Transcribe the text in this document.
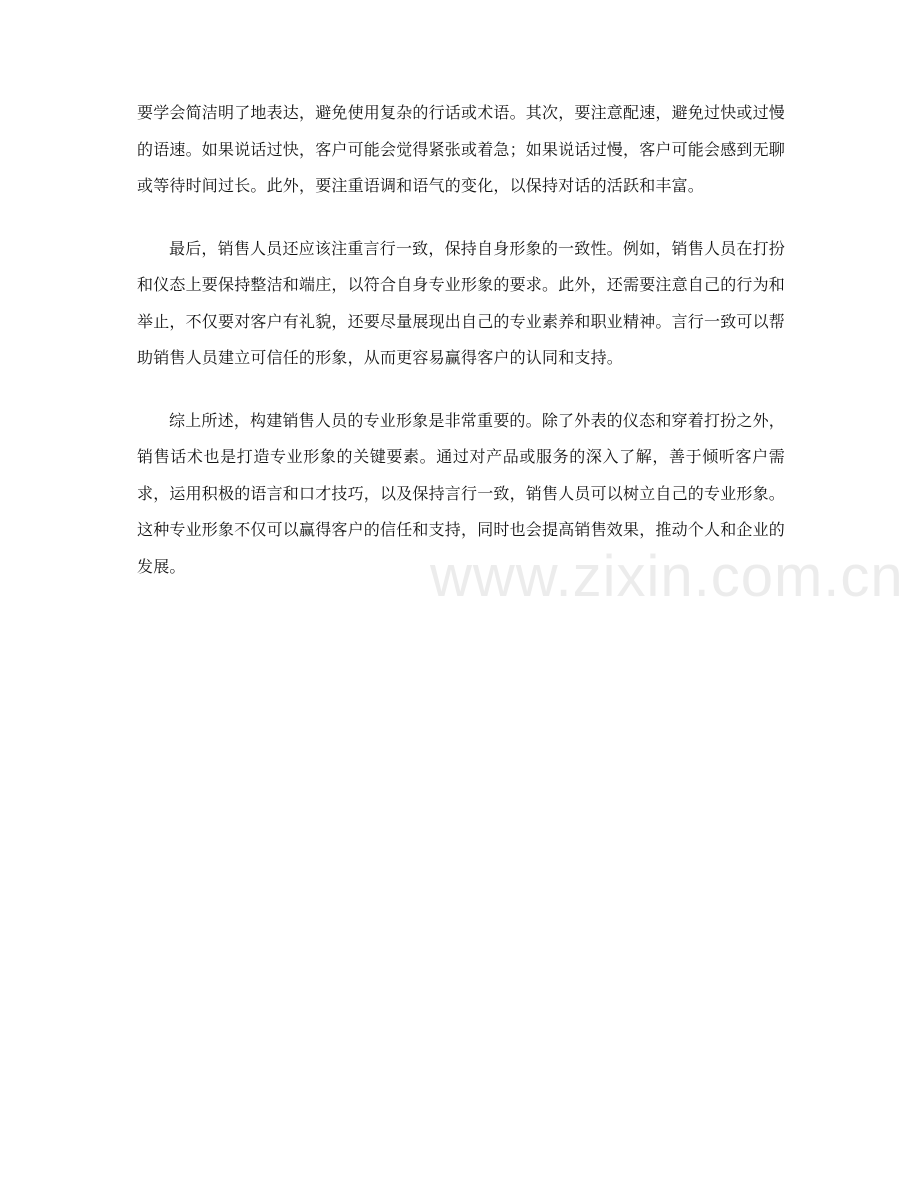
要学会简洁明了地表达，避免使用复杂的行话或术语。其次，要注意配速，避免过快或过慢的语速。如果说话过快，客户可能会觉得紧张或着急；如果说话过慢，客户可能会感到无聊或等待时间过长。此外，要注重语调和语气的变化，以保持对话的活跃和丰富。

最后，销售人员还应该注重言行一致，保持自身形象的一致性。例如，销售人员在打扮和仪态上要保持整洁和端庄，以符合自身专业形象的要求。此外，还需要注意自己的行为和举止，不仅要对客户有礼貌，还要尽量展现出自己的专业素养和职业精神。言行一致可以帮助销售人员建立可信任的形象，从而更容易赢得客户的认同和支持。

综上所述，构建销售人员的专业形象是非常重要的。除了外表的仪态和穿着打扮之外，销售话术也是打造专业形象的关键要素。通过对产品或服务的深入了解，善于倾听客户需求，运用积极的语言和口才技巧，以及保持言行一致，销售人员可以树立自己的专业形象。这种专业形象不仅可以赢得客户的信任和支持，同时也会提高销售效果，推动个人和企业的发展。	www.zixin.com.cn
